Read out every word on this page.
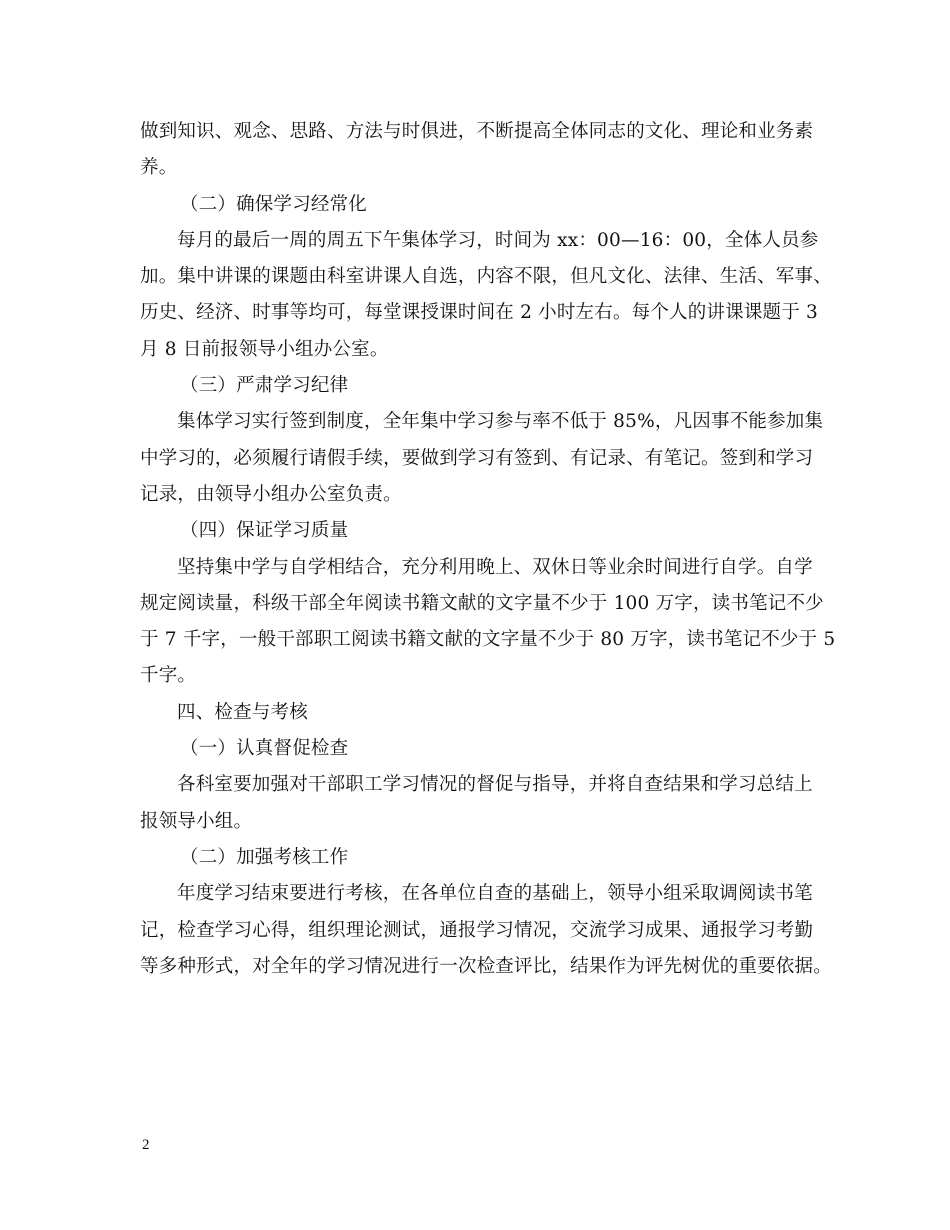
做到知识、观念、思路、方法与时俱进，不断提高全体同志的文化、理论和业务素
养。
（二）确保学习经常化
每月的最后一周的周五下午集体学习，时间为 xx：00—16：00，全体人员参
加。集中讲课的课题由科室讲课人自选，内容不限，但凡文化、法律、生活、军事、
历史、经济、时事等均可，每堂课授课时间在 2 小时左右。每个人的讲课课题于 3
月 8 日前报领导小组办公室。
（三）严肃学习纪律
集体学习实行签到制度，全年集中学习参与率不低于 85%，凡因事不能参加集
中学习的，必须履行请假手续，要做到学习有签到、有记录、有笔记。签到和学习
记录，由领导小组办公室负责。
（四）保证学习质量
坚持集中学与自学相结合，充分利用晚上、双休日等业余时间进行自学。自学
规定阅读量，科级干部全年阅读书籍文献的文字量不少于 100 万字，读书笔记不少
于 7 千字，一般干部职工阅读书籍文献的文字量不少于 80 万字，读书笔记不少于 5
千字。
四、检查与考核
（一）认真督促检查
各科室要加强对干部职工学习情况的督促与指导，并将自查结果和学习总结上
报领导小组。
（二）加强考核工作
年度学习结束要进行考核，在各单位自查的基础上，领导小组采取调阅读书笔
记，检查学习心得，组织理论测试，通报学习情况，交流学习成果、通报学习考勤
等多种形式，对全年的学习情况进行一次检查评比，结果作为评先树优的重要依据。
2
